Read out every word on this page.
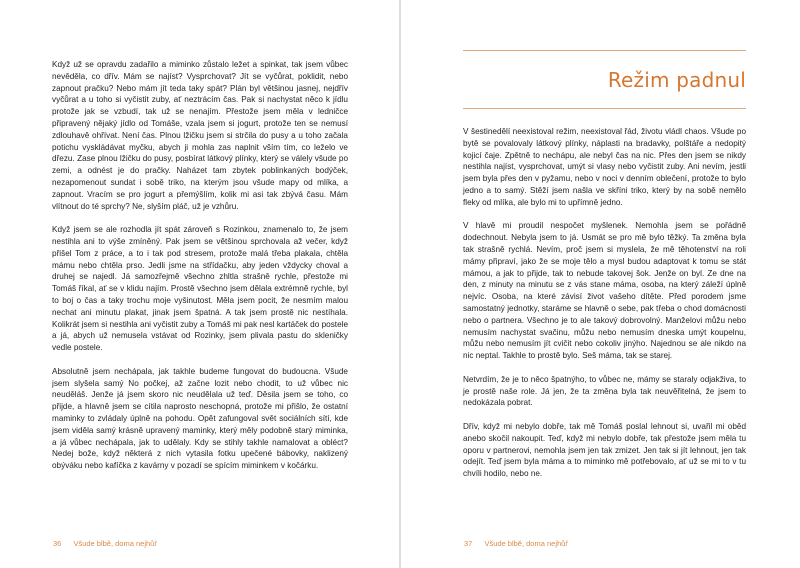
Když už se opravdu zadařilo a miminko zůstalo ležet a spinkat, tak jsem vůbec nevěděla, co dřív. Mám se najíst? Vysprchovat? Jít se vyčůrat, poklidit, nebo zapnout pračku? Nebo mám jít teda taky spát? Plán byl většinou jasnej, nejdřív vyčůrat a u toho si vyčistit zuby, ať neztrácím čas. Pak si nachystat něco k jídlu protože jak se vzbudí, tak už se nenajím. Přestože jsem měla v ledničce připravený nějaký jídlo od Tomáše, vzala jsem si jogurt, protože ten se nemusí zdlouhavě ohřívat. Není čas. Plnou lžičku jsem si strčila do pusy a u toho začala potichu vyskládávat myčku, abych ji mohla zas naplnit vším tím, co leželo ve dřezu. Zase plnou lžičku do pusy, posbírat látkový plínky, který se válely všude po zemi, a odnést je do pračky. Naházet tam zbytek poblinkaných bodýček, nezapomenout sundat i sobě triko, na kterým jsou všude mapy od mlíka, a zapnout. Vracím se pro jogurt a přemýšlím, kolik mi asi tak zbývá času. Mám vlítnout do té sprchy? Ne, slyším pláč, už je vzhůru.

Když jsem se ale rozhodla jít spát zároveň s Rozinkou, znamenalo to, že jsem nestihla ani to výše zmíněný. Pak jsem se většinou sprchovala až večer, když přišel Tom z práce, a to i tak pod stresem, protože malá třeba plakala, chtěla mámu nebo chtěla prso. Jedli jsme na střídačku, aby jeden vždycky choval a druhej se najedl. Já samozřejmě všechno zhltla strašně rychle, přestože mi Tomáš říkal, ať se v klidu najím. Prostě všechno jsem dělala extrémně rychle, byl to boj o čas a taky trochu moje vyšinutost. Měla jsem pocit, že nesmím malou nechat ani minutu plakat, jinak jsem špatná. A tak jsem prostě nic nestíhala. Kolikrát jsem si nestihla ani vyčistit zuby a Tomáš mi pak nesl kartáček do postele a já, abych už nemusela vstávat od Rozinky, jsem plivala pastu do skleničky vedle postele.

Absolutně jsem nechápala, jak takhle budeme fungovat do budoucna. Všude jsem slyšela samý No počkej, až začne lozit nebo chodit, to už vůbec nic neuděláš. Jenže já jsem skoro nic neudělala už teď. Děsila jsem se toho, co přijde, a hlavně jsem se cítila naprosto neschopná, protože mi přišlo, že ostatní maminky to zvládaly úplně na pohodu. Opět zafungoval svět sociálních sítí, kde jsem viděla samý krásně upravený maminky, který měly podobně starý miminka, a já vůbec nechápala, jak to udělaly. Kdy se stihly takhle namalovat a obléct? Nedej bože, když některá z nich vytasila fotku upečené bábovky, naklizený obýváku nebo kafíčka z kavárny v pozadí se spícím miminkem v kočárku.

36 Všude blbě, doma nejhůř
Režim padnul

V šestinedělí neexistoval režim, neexistoval řád, životu vládl chaos. Všude po bytě se povalovaly látkový plínky, náplasti na bradavky, polštáře a nedopitý kojicí čaje. Zpětně to nechápu, ale nebyl čas na nic. Přes den jsem se nikdy nestihla najíst, vysprchovat, umýt si vlasy nebo vyčistit zuby. Ani nevím, jestli jsem byla přes den v pyžamu, nebo v noci v denním oblečení, protože to bylo jedno a to samý. Stěží jsem našla ve skříni triko, který by na sobě nemělo fleky od mlíka, ale bylo mi to upřímně jedno.

V hlavě mi proudil nespočet myšlenek. Nemohla jsem se pořádně dodechnout. Nebyla jsem to já. Usmát se pro mě bylo těžký. Ta změna byla tak strašně rychlá. Nevím, proč jsem si myslela, že mě těhotenství na roli mámy připraví, jako že se moje tělo a mysl budou adaptovat k tomu se stát mámou, a jak to přijde, tak to nebude takovej šok. Jenže on byl. Ze dne na den, z minuty na minutu se z vás stane máma, osoba, na který záleží úplně nejvíc. Osoba, na které závisí život vašeho dítěte. Před porodem jsme samostatný jednotky, staráme se hlavně o sebe, pak třeba o chod domácnosti nebo o partnera. Všechno je to ale takový dobrovolný. Manželovi můžu nebo nemusím nachystat svačinu, můžu nebo nemusím dneska umýt koupelnu, můžu nebo nemusím jít cvičit nebo cokoliv jinýho. Najednou se ale nikdo na nic neptal. Takhle to prostě bylo. Seš máma, tak se starej.

Netvrdím, že je to něco špatnýho, to vůbec ne, mámy se staraly odjakživa, to je prostě naše role. Já jen, že ta změna byla tak neuvěřitelná, že jsem to nedokázala pobrat.

Dřív, když mi nebylo dobře, tak mě Tomáš poslal lehnout si, uvařil mi oběd anebo skočil nakoupit. Teď, když mi nebylo dobře, tak přestože jsem měla tu oporu v partnerovi, nemohla jsem jen tak zmizet. Jen tak si jít lehnout, jen tak odejít. Teď jsem byla máma a to miminko mě potřebovalo, ať už se mi to v tu chvíli hodilo, nebo ne.

37 Všude blbě, doma nejhůř
